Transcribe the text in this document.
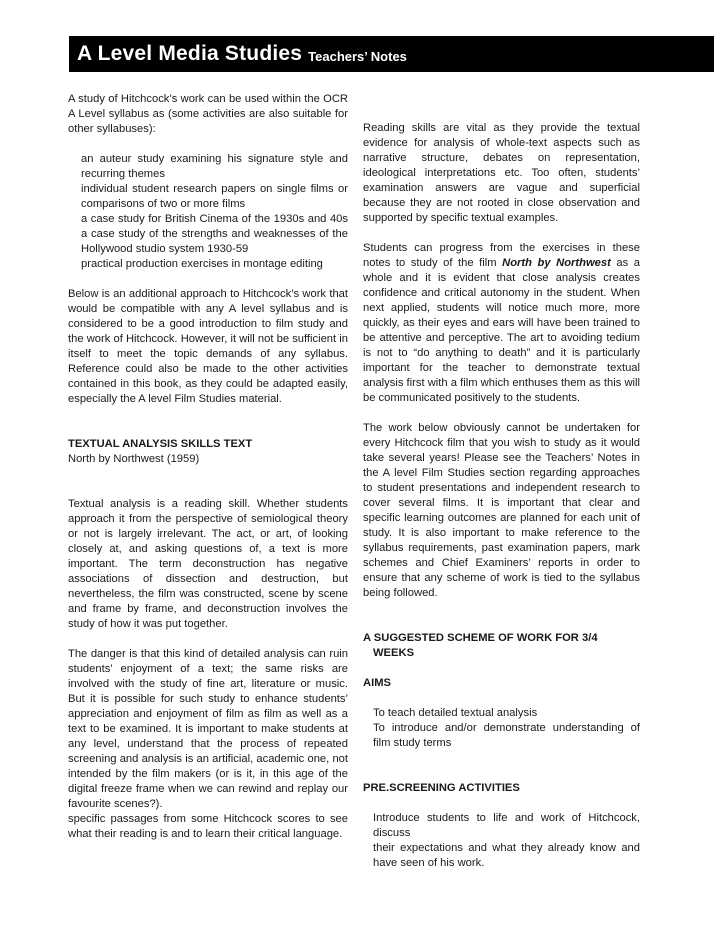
A Level Media Studies Teachers’ Notes

A study of Hitchcock’s work can be used within the OCR A Level syllabus as (some activities are also suitable for other syllabuses):

an auteur study examining his signature style and recurring themes
individual student research papers on single films or comparisons of two or more films
a case study for British Cinema of the 1930s and 40s a case study of the strengths and weaknesses of the Hollywood studio system 1930-59
practical production exercises in montage editing

Below is an additional approach to Hitchcock’s work that would be compatible with any A level syllabus and is considered to be a good introduction to film study and the work of Hitchcock. However, it will not be sufficient in itself to meet the topic demands of any syllabus. Reference could also be made to the other activities contained in this book, as they could be adapted easily, especially the A level Film Studies material.

TEXTUAL ANALYSIS SKILLS TEXT

North by Northwest (1959)

Textual analysis is a reading skill. Whether students approach it from the perspective of semiological theory or not is largely irrelevant. The act, or art, of looking closely at, and asking questions of, a text is more important. The term deconstruction has negative associations of dissection and destruction, but nevertheless, the film was constructed, scene by scene and frame by frame, and deconstruction involves the study of how it was put together.

The danger is that this kind of detailed analysis can ruin students’ enjoyment of a text; the same risks are involved with the study of fine art, literature or music. But it is possible for such study to enhance students’ appreciation and enjoyment of film as film as well as a text to be examined. It is important to make students at any level, understand that the process of repeated screening and analysis is an artificial, academic one, not intended by the film makers (or is it, in this age of the digital freeze frame when we can rewind and replay our favourite scenes?).

specific passages from some Hitchcock scores to see what their reading is and to learn their critical language.

Reading skills are vital as they provide the textual evidence for analysis of whole-text aspects such as narrative structure, debates on representation, ideological interpretations etc. Too often, students’ examination answers are vague and superficial because they are not rooted in close observation and supported by specific textual examples.

Students can progress from the exercises in these notes to study of the film North by Northwest as a whole and it is evident that close analysis creates confidence and critical autonomy in the student. When next applied, students will notice much more, more quickly, as their eyes and ears will have been trained to be attentive and perceptive. The art to avoiding tedium is not to “do anything to death” and it is particularly important for the teacher to demonstrate textual analysis first with a film which enthuses them as this will be communicated positively to the students.

The work below obviously cannot be undertaken for every Hitchcock film that you wish to study as it would take several years! Please see the Teachers’ Notes in the A level Film Studies section regarding approaches to student presentations and independent research to cover several films. It is important that clear and specific learning outcomes are planned for each unit of study. It is also important to make reference to the syllabus requirements, past examination papers, mark schemes and Chief Examiners’ reports in order to ensure that any scheme of work is tied to the syllabus being followed.

A SUGGESTED SCHEME OF WORK FOR 3/4

WEEKS

AIMS

To teach detailed textual analysis

To introduce and/or demonstrate understanding of film study terms

PRE.SCREENING ACTIVITIES

Introduce students to life and work of Hitchcock, discuss

their expectations and what they already know and have seen of his work.
